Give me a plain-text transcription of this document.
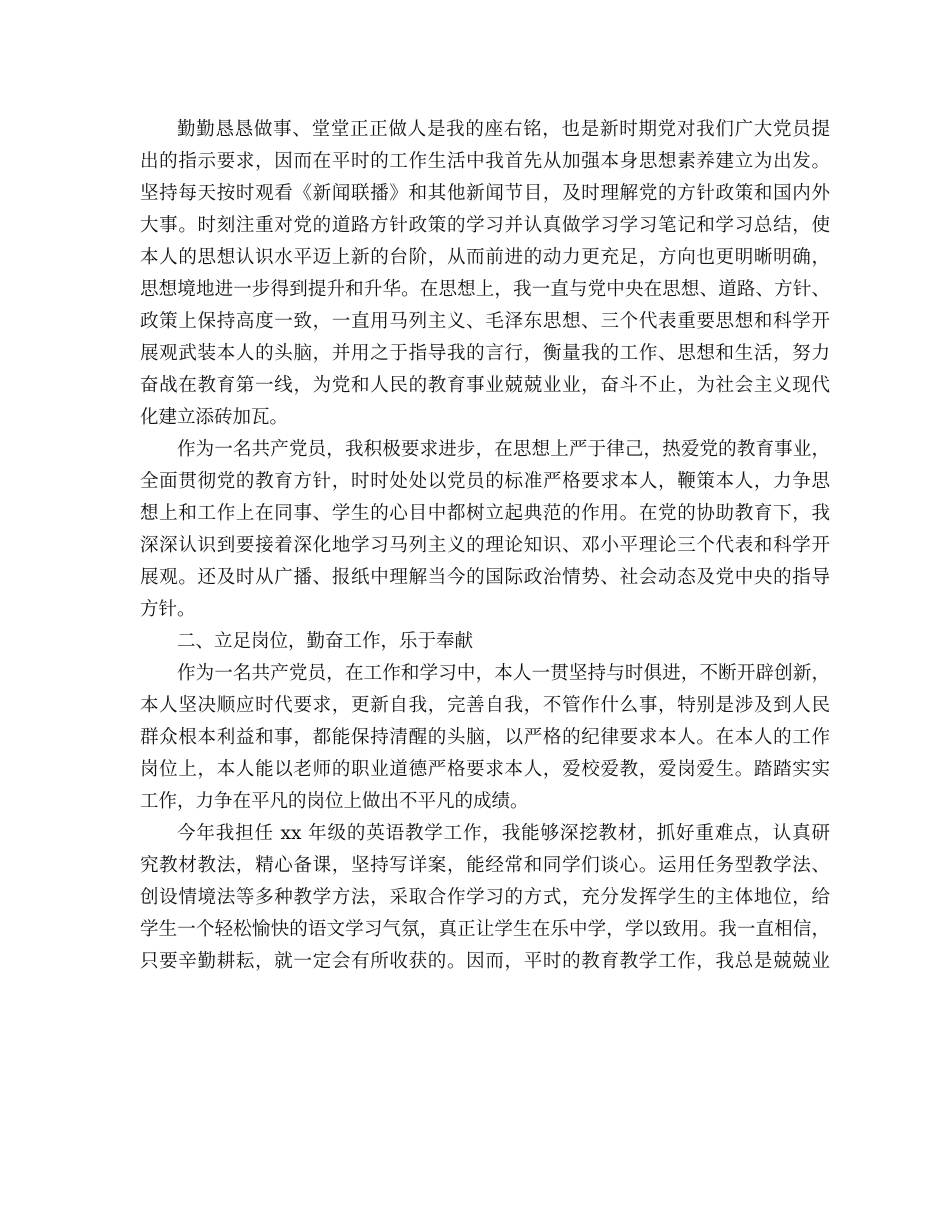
勤勤恳恳做事、堂堂正正做人是我的座右铭，也是新时期党对我们广大党员提
出的指示要求，因而在平时的工作生活中我首先从加强本身思想素养建立为出发。
坚持每天按时观看《新闻联播》和其他新闻节目，及时理解党的方针政策和国内外
大事。时刻注重对党的道路方针政策的学习并认真做学习学习笔记和学习总结，使
本人的思想认识水平迈上新的台阶，从而前进的动力更充足，方向也更明晰明确，
思想境地进一步得到提升和升华。在思想上，我一直与党中央在思想、道路、方针、
政策上保持高度一致，一直用马列主义、毛泽东思想、三个代表重要思想和科学开
展观武装本人的头脑，并用之于指导我的言行，衡量我的工作、思想和生活，努力
奋战在教育第一线，为党和人民的教育事业兢兢业业，奋斗不止，为社会主义现代
化建立添砖加瓦。
作为一名共产党员，我积极要求进步，在思想上严于律己，热爱党的教育事业，
全面贯彻党的教育方针，时时处处以党员的标准严格要求本人，鞭策本人，力争思
想上和工作上在同事、学生的心目中都树立起典范的作用。在党的协助教育下，我
深深认识到要接着深化地学习马列主义的理论知识、邓小平理论三个代表和科学开
展观。还及时从广播、报纸中理解当今的国际政治情势、社会动态及党中央的指导
方针。
二、立足岗位，勤奋工作，乐于奉献
作为一名共产党员，在工作和学习中，本人一贯坚持与时俱进，不断开辟创新，
本人坚决顺应时代要求，更新自我，完善自我，不管作什么事，特别是涉及到人民
群众根本利益和事，都能保持清醒的头脑，以严格的纪律要求本人。在本人的工作
岗位上，本人能以老师的职业道德严格要求本人，爱校爱教，爱岗爱生。踏踏实实
工作，力争在平凡的岗位上做出不平凡的成绩。
今年我担任 xx 年级的英语教学工作，我能够深挖教材，抓好重难点，认真研
究教材教法，精心备课，坚持写详案，能经常和同学们谈心。运用任务型教学法、
创设情境法等多种教学方法，采取合作学习的方式，充分发挥学生的主体地位，给
学生一个轻松愉快的语文学习气氛，真正让学生在乐中学，学以致用。我一直相信，
只要辛勤耕耘，就一定会有所收获的。因而，平时的教育教学工作，我总是兢兢业
